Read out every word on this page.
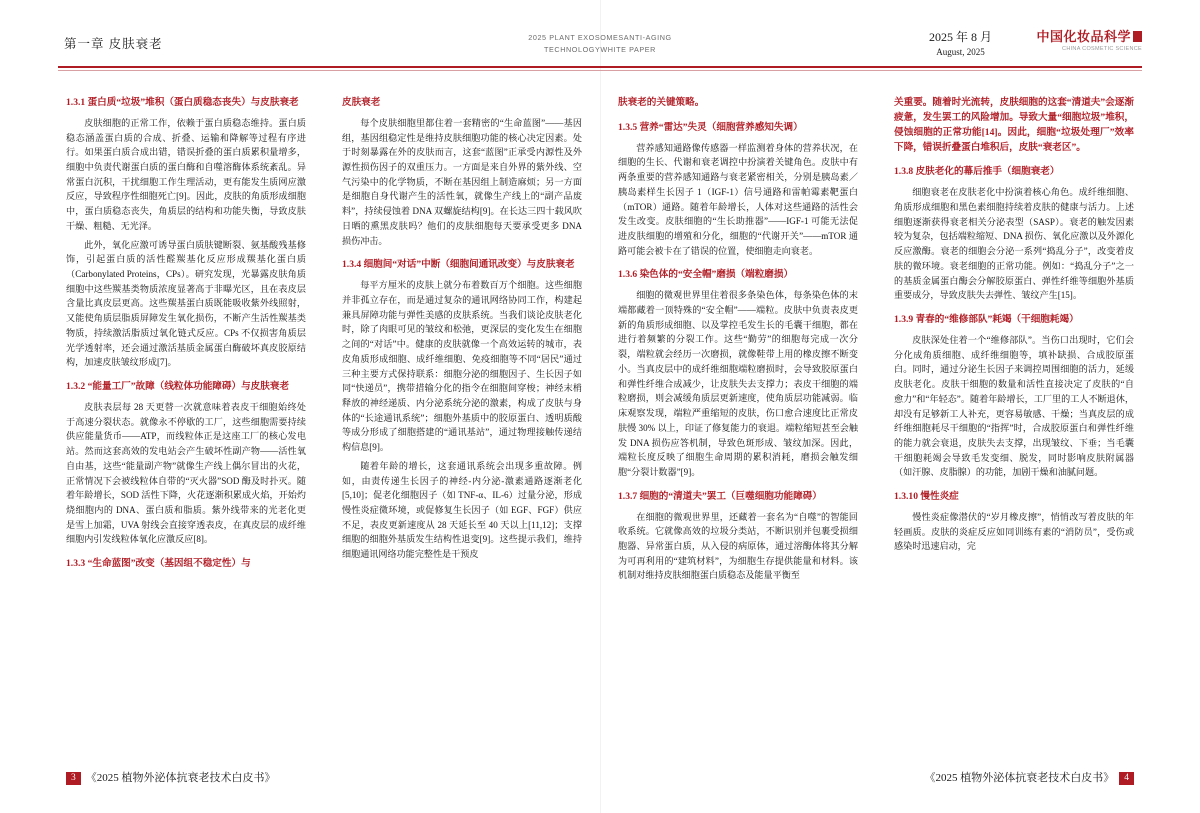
第一章 皮肤衰老	2025 PLANT EXOSOMESANTI-AGING
TECHNOLOGYWHITE PAPER
2025 年 8 月
August, 2025
中国化妆品科学
CHINA COSMETIC SCIENCE
1.3.1 蛋白质“垃圾”堆积（蛋白质稳态丧失）与皮肤衰老

皮肤细胞的正常工作，依赖于蛋白质稳态维持。蛋白质稳态涵盖蛋白质的合成、折叠、运输和降解等过程有序进行。如果蛋白质合成出错，错误折叠的蛋白质累积量增多，细胞中负责代谢蛋白质的蛋白酶和自噬溶酶体系统紊乱。异常蛋白沉积，干扰细胞工作生理活动，更有能发生质网应激反应，导致程序性细胞死亡[9]。因此，皮肤的角质形成细胞中，蛋白质稳态丧失，角质层的结构和功能失衡，导致皮肤干燥、粗糙、无光泽。

此外，氧化应激可诱导蛋白质肤键断裂、氨基酸残基修饰，引起蛋白质的活性醛羰基化反应形成羰基化蛋白质（Carbonylated Proteins，CPs）。研究发现，光暴露皮肤角质细胞中这些羰基类物质浓度显著高于非曝光区，且在表皮层含量比真皮层更高。这些羰基蛋白质既能吸收紫外线照射，又能使角质层脂质屏障发生氧化损伤，不断产生活性羰基类物质，持续激活脂质过氧化链式反应。CPs 不仅损害角质层光学透射率，还会通过激活基质金属蛋白酶破坏真皮胶原结构，加速皮肤皱纹形成[7]。

1.3.2 “能量工厂”故障（线粒体功能障碍）与皮肤衰老

皮肤表层每 28 天更替一次就意味着表皮干细胞始终处于高速分裂状态。就像永不停歇的工厂，这些细胞需要持续供应能量货币——ATP，而线粒体正是这座工厂的核心发电站。然而这套高效的发电站会产生破坏性副产物——活性氧自由基，这些“能量副产物”就像生产线上偶尔冒出的火花，正常情况下会被线粒体自带的“灭火器”SOD 酶及时扑灭。随着年龄增长，SOD 活性下降，火花逐渐积累成火焰，开始灼烧细胞内的 DNA、蛋白质和脂质。紫外线带来的光老化更是雪上加霜，UVA 射线会直接穿透表皮，在真皮层的成纤维细胞内引发线粒体氧化应激反应[8]。

1.3.3 “生命蓝图”改变（基因组不稳定性）与
皮肤衰老

每个皮肤细胞里都住着一套精密的“生命蓝图”——基因组，基因组稳定性是维持皮肤细胞功能的核心决定因素。处于时刻暴露在外的皮肤而言，这套“蓝图”正承受内源性及外源性损伤因子的双重压力。一方面是来自外界的紫外线、空气污染中的化学物质，不断在基因组上制造麻烦；另一方面是细胞自身代谢产生的活性氧，就像生产线上的“副产品废料”，持续侵蚀着 DNA 双螺旋结构[9]。在长达三四十载风吹日晒的熏黑皮肤吗？他们的皮肤细胞每天要承受更多 DNA 损伤冲击。

1.3.4 细胞间“对话”中断（细胞间通讯改变）与皮肤衰老

每平方厘米的皮肤上就分布着数百万个细胞。这些细胞并非孤立存在，而是通过复杂的通讯网络协同工作，构建起兼具屏障功能与弹性美感的皮肤系统。当我们谈论皮肤老化时，除了肉眼可见的皱纹和松弛，更深层的变化发生在细胞之间的“对话”中。健康的皮肤就像一个高效运转的城市，表皮角质形成细胞、成纤维细胞、免疫细胞等不同“居民”通过三种主要方式保持联系：细胞分泌的细胞因子、生长因子如同“快递员”，携带措输分化的指令在细胞间穿梭；神经末梢释放的神经递质、内分泌系统分泌的激素，构成了皮肤与身体的“长途通讯系统”；细胞外基质中的胶原蛋白、透明质酸等成分形成了细胞搭建的“通讯基站”，通过物理接触传递结构信息[9]。

随着年龄的增长，这套通讯系统会出现多重故障。例如，由责传递生长因子的神经-内分泌-激素通路逐渐老化[5,10]；促老化细胞因子（如 TNF-α、IL-6）过量分泌，形成慢性炎症微环境，或促修复生长因子（如 EGF、FGF）供应不足，表皮更新速度从 28 天延长至 40 天以上[11,12]；支撑细胞的细胞外基质发生结构性退变[9]。这些提示我们，维持细胞通讯网络功能完整性是干预皮

肤衰老的关键策略。
1.3.5 营养“雷达”失灵（细胞营养感知失调）

营养感知通路像传感器一样监测着身体的营养状况，在细胞的生长、代谢和衰老调控中扮演着关键角色。皮肤中有两条重要的营养感知通路与衰老紧密相关，分别是胰岛素／胰岛素样生长因子 1（IGF-1）信号通路和雷帕霉素靶蛋白（mTOR）通路。随着年龄增长，人体对这些通路的活性会发生改变。皮肤细胞的“生长助推器”——IGF-1 可能无法促进皮肤细胞的增殖和分化，细胞的“代谢开关”——mTOR 通路可能会被卡在了错误的位置，使细胞走向衰老。

1.3.6 染色体的“安全帽”磨损（端粒磨损）

细胞的微观世界里住着很多条染色体，每条染色体的末端都藏着一顶特殊的“安全帽”——端粒。皮肤中负责表皮更新的角质形成细胞、以及掌控毛发生长的毛囊干细胞，都在进行着频繁的分裂工作。这些“勤劳”的细胞每完成一次分裂，端粒就会经历一次磨损，就像鞋带上用的橡皮擦不断变小。当真皮层中的成纤维细胞端粒磨损时，会导致胶原蛋白和弹性纤维合成减少，让皮肤失去支撑力；表皮干细胞的端粒磨损，则会减缓角质层更新速度，使角质层功能减弱。临床观察发现，端粒严重缩短的皮肤，伤口愈合速度比正常皮肤慢 30% 以上，印证了修复能力的衰退。端粒缩短甚至会触发 DNA 损伤应答机制，导致色斑形成、皱纹加深。因此，端粒长度反映了细胞生命周期的累积消耗，磨损会触发细胞“分裂计数器”[9]。

1.3.7 细胞的“清道夫”罢工（巨噬细胞功能障碍）

在细胞的微观世界里，还藏着一套名为“自噬”的智能回收系统。它就像高效的垃圾分类站，不断识别并包裹受损细胞器、异常蛋白质，从入侵的病原体，通过溶酶体将其分解为可再利用的“建筑材料”，为细胞生存提供能量和材料。该机制对维持皮肤细胞蛋白质稳态及能量平衡至

关重要。随着时光流转，皮肤细胞的这套“清道夫”会逐渐疲惫，发生罢工的风险增加。导致大量“细胞垃圾”堆积，侵蚀细胞的正常功能[14]。因此，细胞“垃圾处理厂”效率下降，错误折叠蛋白堆积后，皮肤“衰老区”。
1.3.8 皮肤老化的幕后推手（细胞衰老）

细胞衰老在皮肤老化中扮演着核心角色。成纤维细胞、角质形成细胞和黑色素细胞持续着皮肤的健康与活力。上述细胞逐渐获得衰老相关分泌表型（SASP）。衰老的触发因素较为复杂，包括端粒缩短、DNA 损伤、氧化应激以及外源化反应激酶。衰老的细胞会分泌一系列“捣乱分子”，改变着皮肤的微环境。衰老细胞的正常功能。例如：“捣乱分子”之一的基质金属蛋白酶会分解胶原蛋白、弹性纤维等细胞外基质重要成分，导致皮肤失去弹性、皱纹产生[15]。

1.3.9 青春的“维修部队”耗竭（干细胞耗竭）

皮肤深处住着一个“维修部队”。当伤口出现时，它们会分化成角质细胞、成纤维细胞等，填补缺损、合成胶原蛋白。同时，通过分泌生长因子来调控周围细胞的活力，延缓皮肤老化。皮肤干细胞的数量和活性直接决定了皮肤的“自愈力”和“年轻态”。随着年龄增长，工厂里的工人不断退休，却没有足够新工人补充，更容易敏感、干燥；当真皮层的成纤维细胞耗尽干细胞的“指挥”时，合成胶原蛋白和弹性纤维的能力就会衰退，皮肤失去支撑，出现皱纹、下垂；当毛囊干细胞耗竭会导致毛发变细、脱发，同时影响皮肤附属器（如汗腺、皮脂腺）的功能，加剧干燥和油腻问题。

1.3.10 慢性炎症

慢性炎症像潜伏的“岁月橡皮擦”，悄悄改写着皮肤的年轻画质。皮肤的炎症反应如同训练有素的“消防员”，受伤或感染时迅速启动，完

3 《2025 植物外泌体抗衰老技术白皮书》	《2025 植物外泌体抗衰老技术白皮书》 4
